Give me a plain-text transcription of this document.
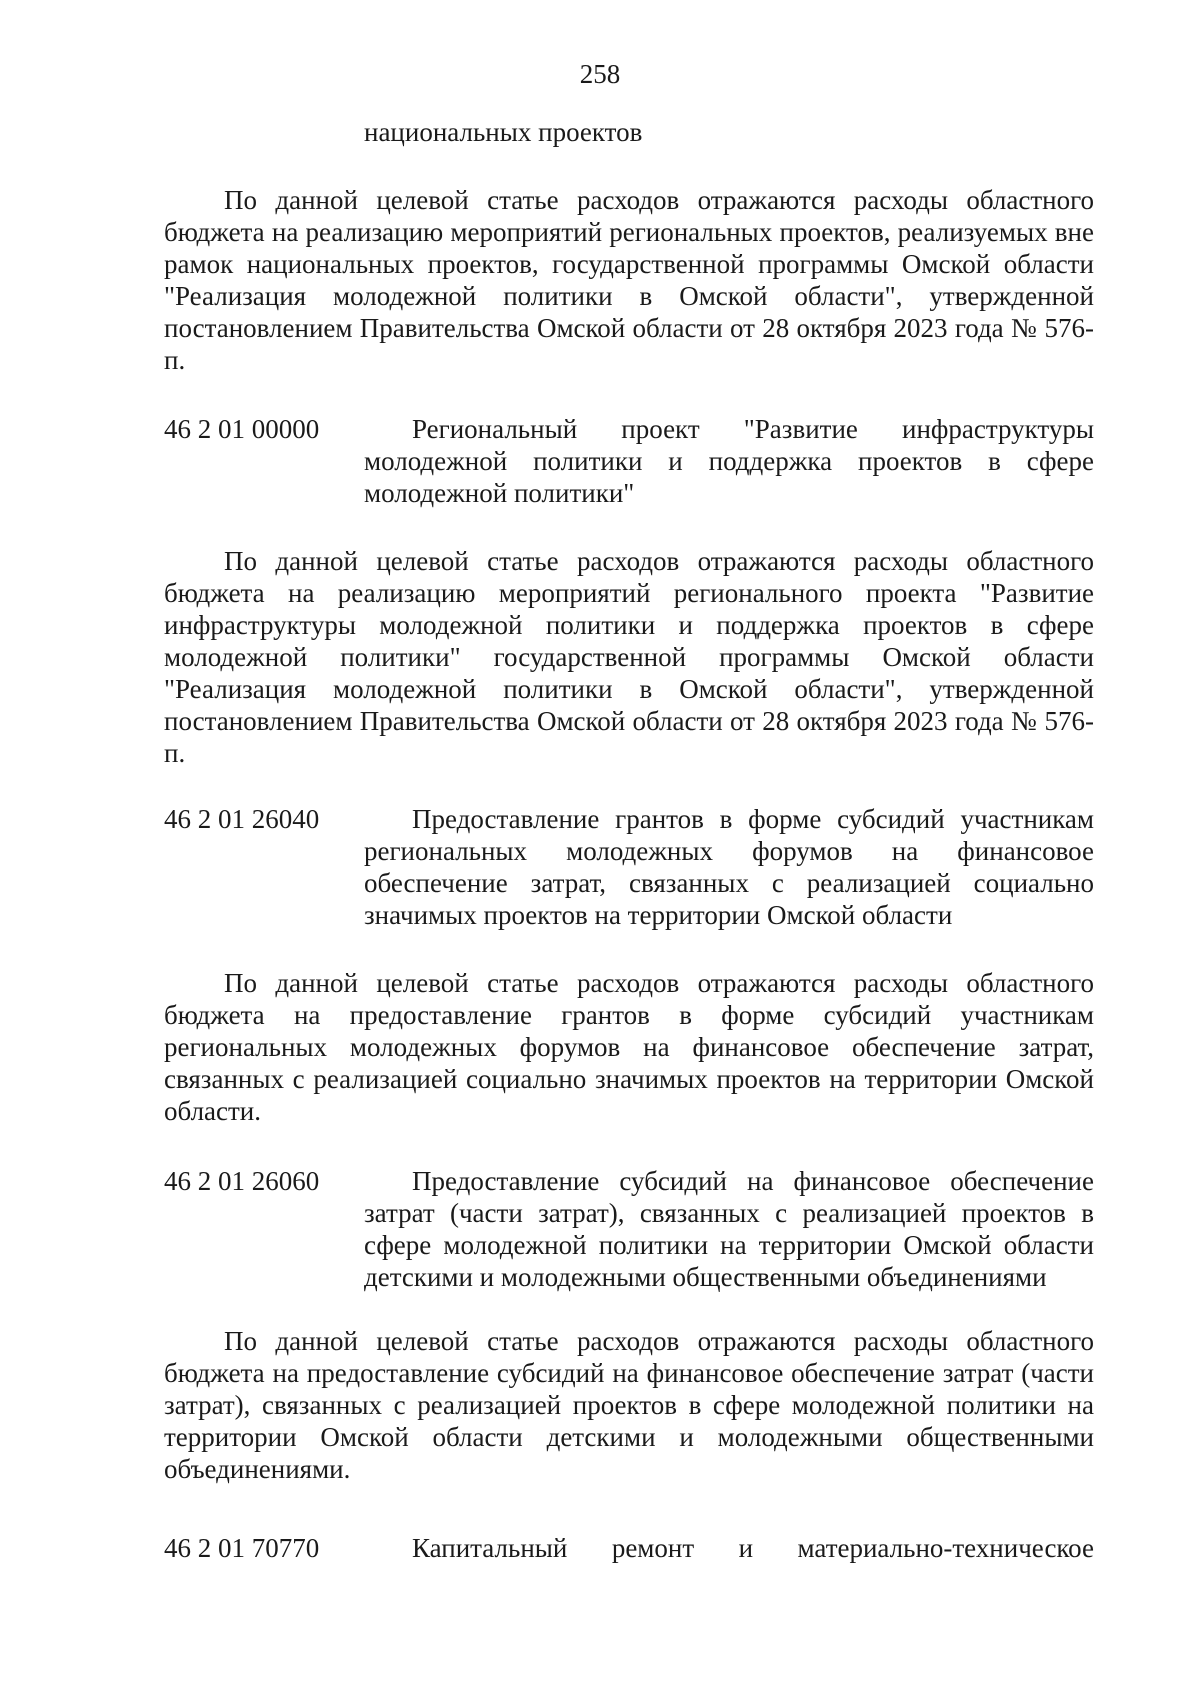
258
национальных проектов

По данной целевой статье расходов отражаются расходы областного бюджета на реализацию мероприятий региональных проектов, реализуемых вне рамок национальных проектов, государственной программы Омской области "Реализация молодежной политики в Омской области", утвержденной постановлением Правительства Омской области от 28 октября 2023 года № 576-п.

46 2 01 00000	Региональный проект "Развитие инфраструктуры молодежной политики и поддержка проектов в сфере молодежной политики"

По данной целевой статье расходов отражаются расходы областного бюджета на реализацию мероприятий регионального проекта "Развитие инфраструктуры молодежной политики и поддержка проектов в сфере молодежной политики" государственной программы Омской области "Реализация молодежной политики в Омской области", утвержденной постановлением Правительства Омской области от 28 октября 2023 года № 576-п.

46 2 01 26040	Предоставление грантов в форме субсидий участникам региональных молодежных форумов на финансовое обеспечение затрат, связанных с реализацией социально значимых проектов на территории Омской области

По данной целевой статье расходов отражаются расходы областного бюджета на предоставление грантов в форме субсидий участникам региональных молодежных форумов на финансовое обеспечение затрат, связанных с реализацией социально значимых проектов на территории Омской области.

46 2 01 26060	Предоставление субсидий на финансовое обеспечение затрат (части затрат), связанных с реализацией проектов в сфере молодежной политики на территории Омской области детскими и молодежными общественными объединениями

По данной целевой статье расходов отражаются расходы областного бюджета на предоставление субсидий на финансовое обеспечение затрат (части затрат), связанных с реализацией проектов в сфере молодежной политики на территории Омской области детскими и молодежными общественными объединениями.

46 2 01 70770	Капитальный ремонт и материально-техническое
